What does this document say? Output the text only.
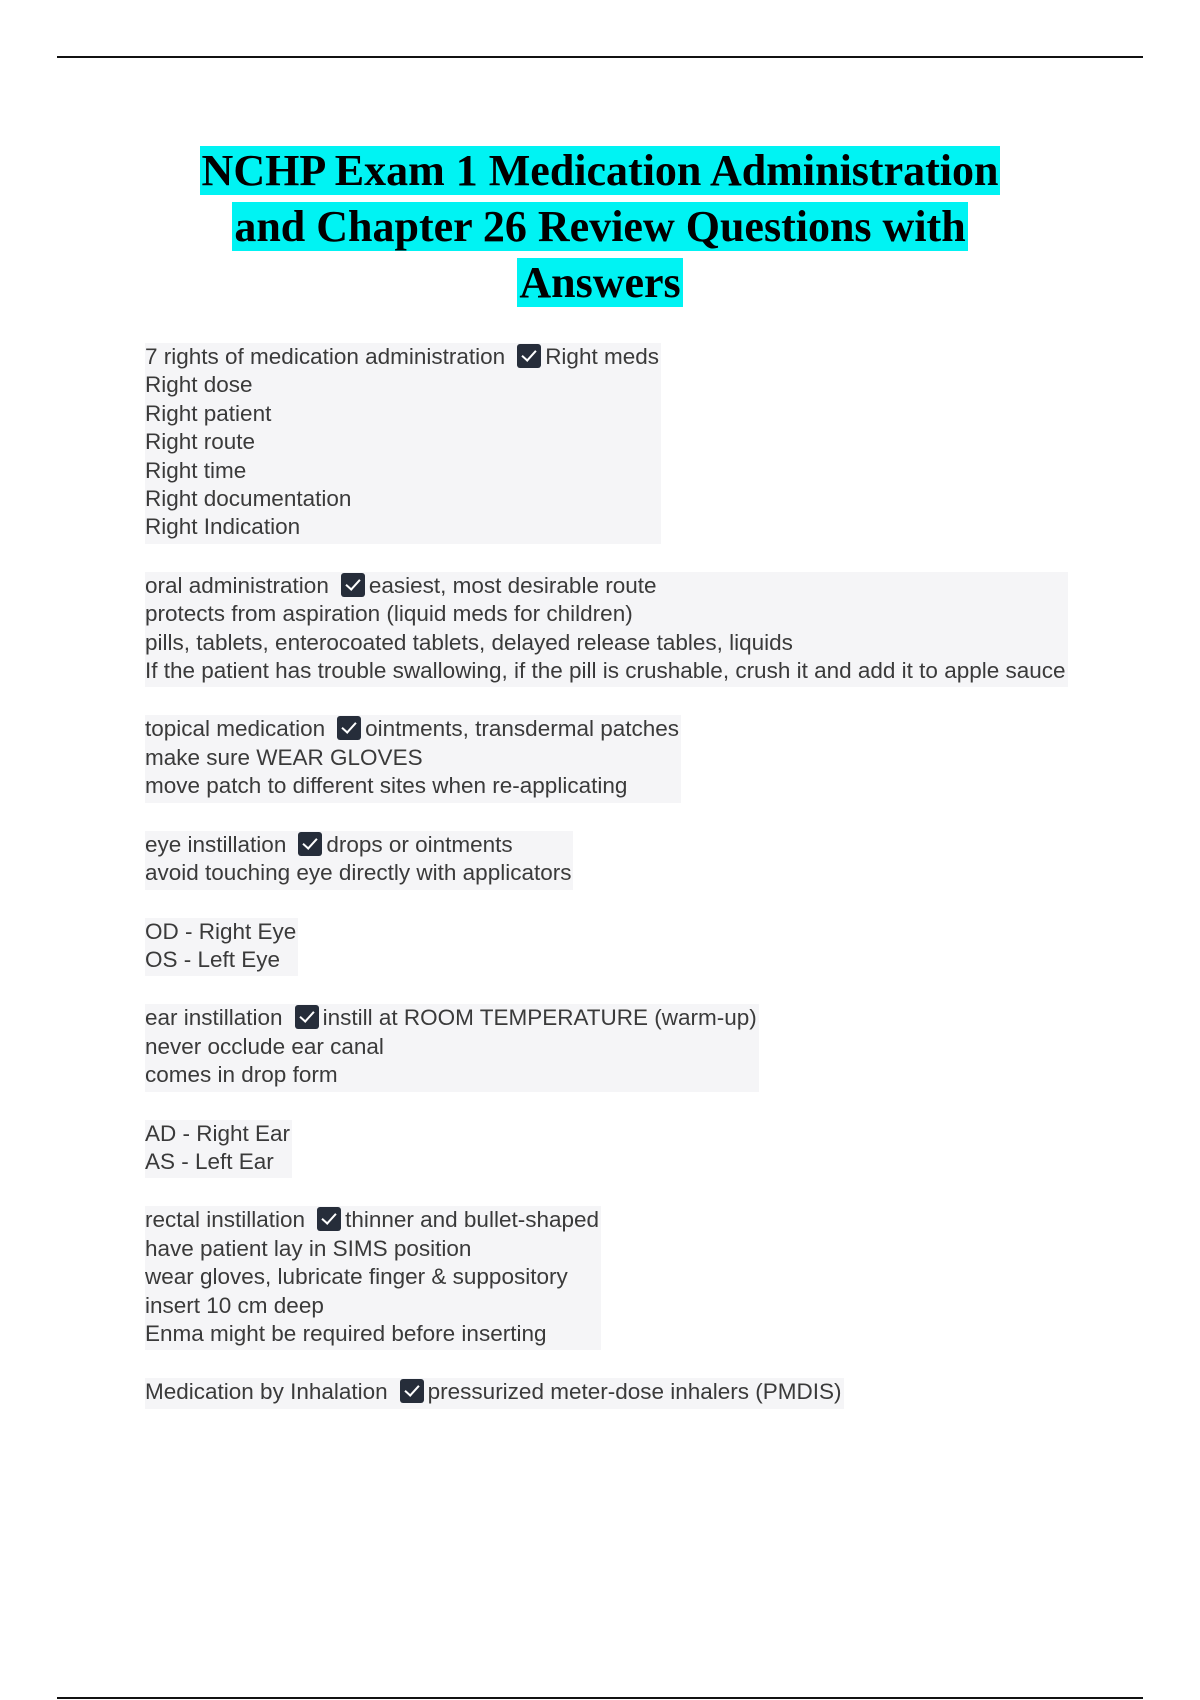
NCHP Exam 1 Medication Administration
and Chapter 26 Review Questions with
Answers
7 rights of medication administration Right meds
Right dose
Right patient
Right route
Right time
Right documentation
Right Indication
oral administration easiest, most desirable route
protects from aspiration (liquid meds for children)
pills, tablets, enterocoated tablets, delayed release tables, liquids
If the patient has trouble swallowing, if the pill is crushable, crush it and add it to apple sauce
topical medication ointments, transdermal patches
make sure WEAR GLOVES
move patch to different sites when re-applicating
eye instillation drops or ointments
avoid touching eye directly with applicators
OD - Right Eye
OS - Left Eye
ear instillation instill at ROOM TEMPERATURE (warm-up)
never occlude ear canal
comes in drop form
AD - Right Ear
AS - Left Ear
rectal instillation thinner and bullet-shaped
have patient lay in SIMS position
wear gloves, lubricate finger & suppository
insert 10 cm deep
Enma might be required before inserting
Medication by Inhalation pressurized meter-dose inhalers (PMDIS)
